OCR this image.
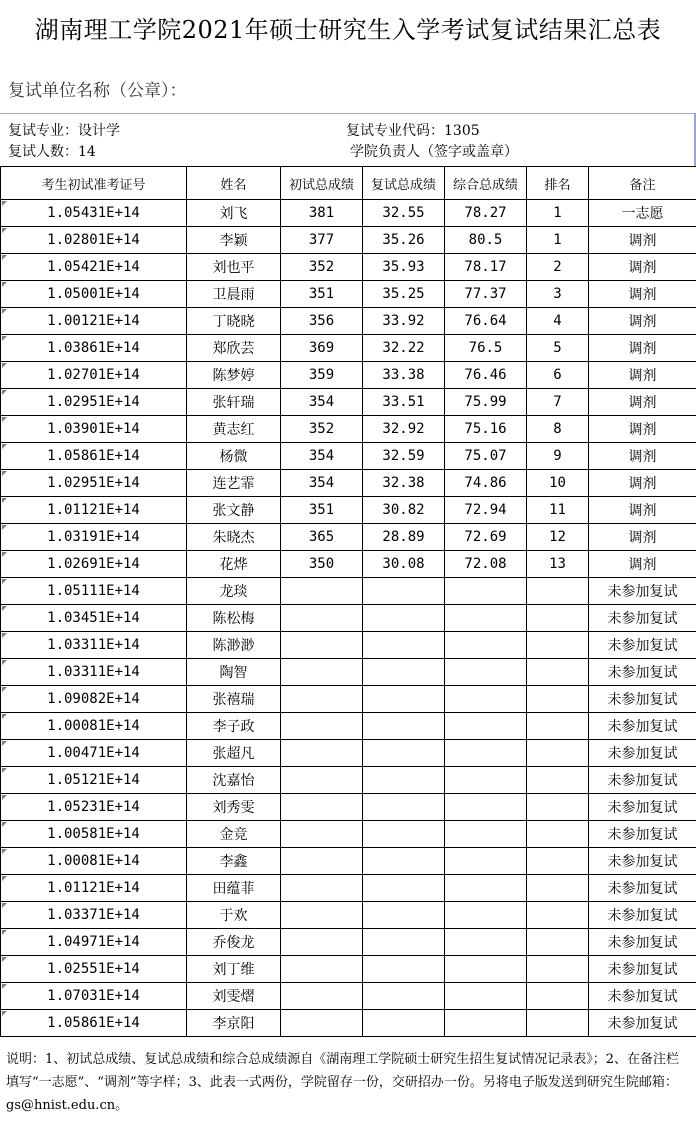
湖南理工学院2021年硕士研究生入学考试复试结果汇总表
复试单位名称（公章）：
复试专业：设计学	复试专业代码：1305
复试人数：14	学院负责人（签字或盖章）
考生初试准考证号	姓名	初试总成绩	复试总成绩	综合总成绩	排名	备注
1.05431E+14	刘飞	381	32.55	78.27	1	一志愿
1.02801E+14	李颖	377	35.26	80.5	1	调剂
1.05421E+14	刘也平	352	35.93	78.17	2	调剂
1.05001E+14	卫晨雨	351	35.25	77.37	3	调剂
1.00121E+14	丁晓晓	356	33.92	76.64	4	调剂
1.03861E+14	郑欣芸	369	32.22	76.5	5	调剂
1.02701E+14	陈梦婷	359	33.38	76.46	6	调剂
1.02951E+14	张轩瑞	354	33.51	75.99	7	调剂
1.03901E+14	黄志红	352	32.92	75.16	8	调剂
1.05861E+14	杨微	354	32.59	75.07	9	调剂
1.02951E+14	连艺霏	354	32.38	74.86	10	调剂
1.01121E+14	张文静	351	30.82	72.94	11	调剂
1.03191E+14	朱晓杰	365	28.89	72.69	12	调剂
1.02691E+14	花烨	350	30.08	72.08	13	调剂
1.05111E+14	龙琰					未参加复试
1.03451E+14	陈松梅					未参加复试
1.03311E+14	陈渺渺					未参加复试
1.03311E+14	陶智					未参加复试
1.09082E+14	张禧瑞					未参加复试
1.00081E+14	李子政					未参加复试
1.00471E+14	张超凡					未参加复试
1.05121E+14	沈嘉怡					未参加复试
1.05231E+14	刘秀雯					未参加复试
1.00581E+14	金竞					未参加复试
1.00081E+14	李鑫					未参加复试
1.01121E+14	田蕴菲					未参加复试
1.03371E+14	于欢					未参加复试
1.04971E+14	乔俊龙					未参加复试
1.02551E+14	刘丁维					未参加复试
1.07031E+14	刘雯熠					未参加复试
1.05861E+14	李京阳					未参加复试
说明：1、初试总成绩、复试总成绩和综合总成绩源自《湖南理工学院硕士研究生招生复试情况记录表》；2、在备注栏填写“一志愿”、“调剂”等字样；3、此表一式两份，学院留存一份，交研招办一份。另将电子版发送到研究生院邮箱：gs@hnist.edu.cn。
